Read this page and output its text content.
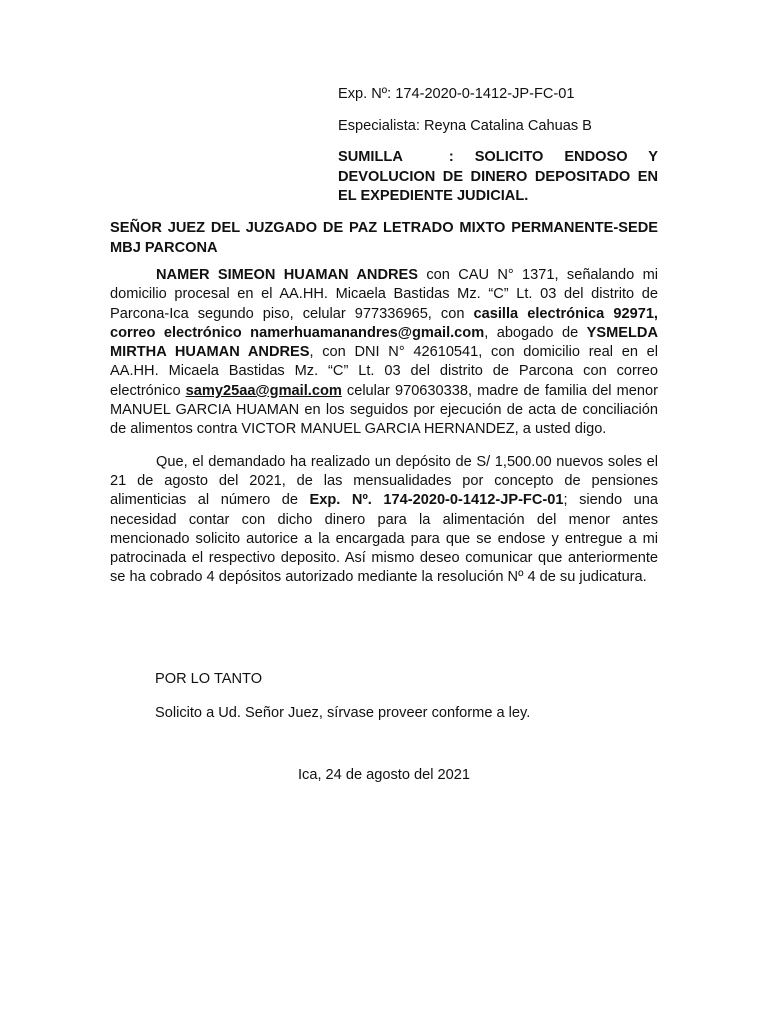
Exp. Nº: 174-2020-0-1412-JP-FC-01

Especialista: Reyna Catalina Cahuas B

SUMILLA	: SOLICITO ENDOSO Y DEVOLUCION DE DINERO DEPOSITADO EN EL EXPEDIENTE JUDICIAL.

SEÑOR JUEZ DEL JUZGADO DE PAZ LETRADO MIXTO PERMANENTE-SEDE MBJ PARCONA

NAMER SIMEON HUAMAN ANDRES con CAU N° 1371, señalando mi domicilio procesal en el AA.HH. Micaela Bastidas Mz. “C” Lt. 03 del distrito de Parcona-Ica segundo piso, celular 977336965, con casilla electrónica 92971, correo electrónico namerhuamanandres@gmail.com, abogado de YSMELDA MIRTHA HUAMAN ANDRES, con DNI N° 42610541, con domicilio real en el AA.HH. Micaela Bastidas Mz. “C” Lt. 03 del distrito de Parcona con correo electrónico samy25aa@gmail.com celular 970630338, madre de familia del menor MANUEL GARCIA HUAMAN en los seguidos por ejecución de acta de conciliación de alimentos contra VICTOR MANUEL GARCIA HERNANDEZ, a usted digo.

Que, el demandado ha realizado un depósito de S/ 1,500.00 nuevos soles el 21 de agosto del 2021, de las mensualidades por concepto de pensiones alimenticias al número de Exp. Nº. 174-2020-0-1412-JP-FC-01; siendo una necesidad contar con dicho dinero para la alimentación del menor antes mencionado solicito autorice a la encargada para que se endose y entregue a mi patrocinada el respectivo deposito. Así mismo deseo comunicar que anteriormente se ha cobrado 4 depósitos autorizado mediante la resolución Nº 4 de su judicatura.

POR LO TANTO

Solicito a Ud. Señor Juez, sírvase proveer conforme a ley.

Ica, 24 de agosto del 2021
